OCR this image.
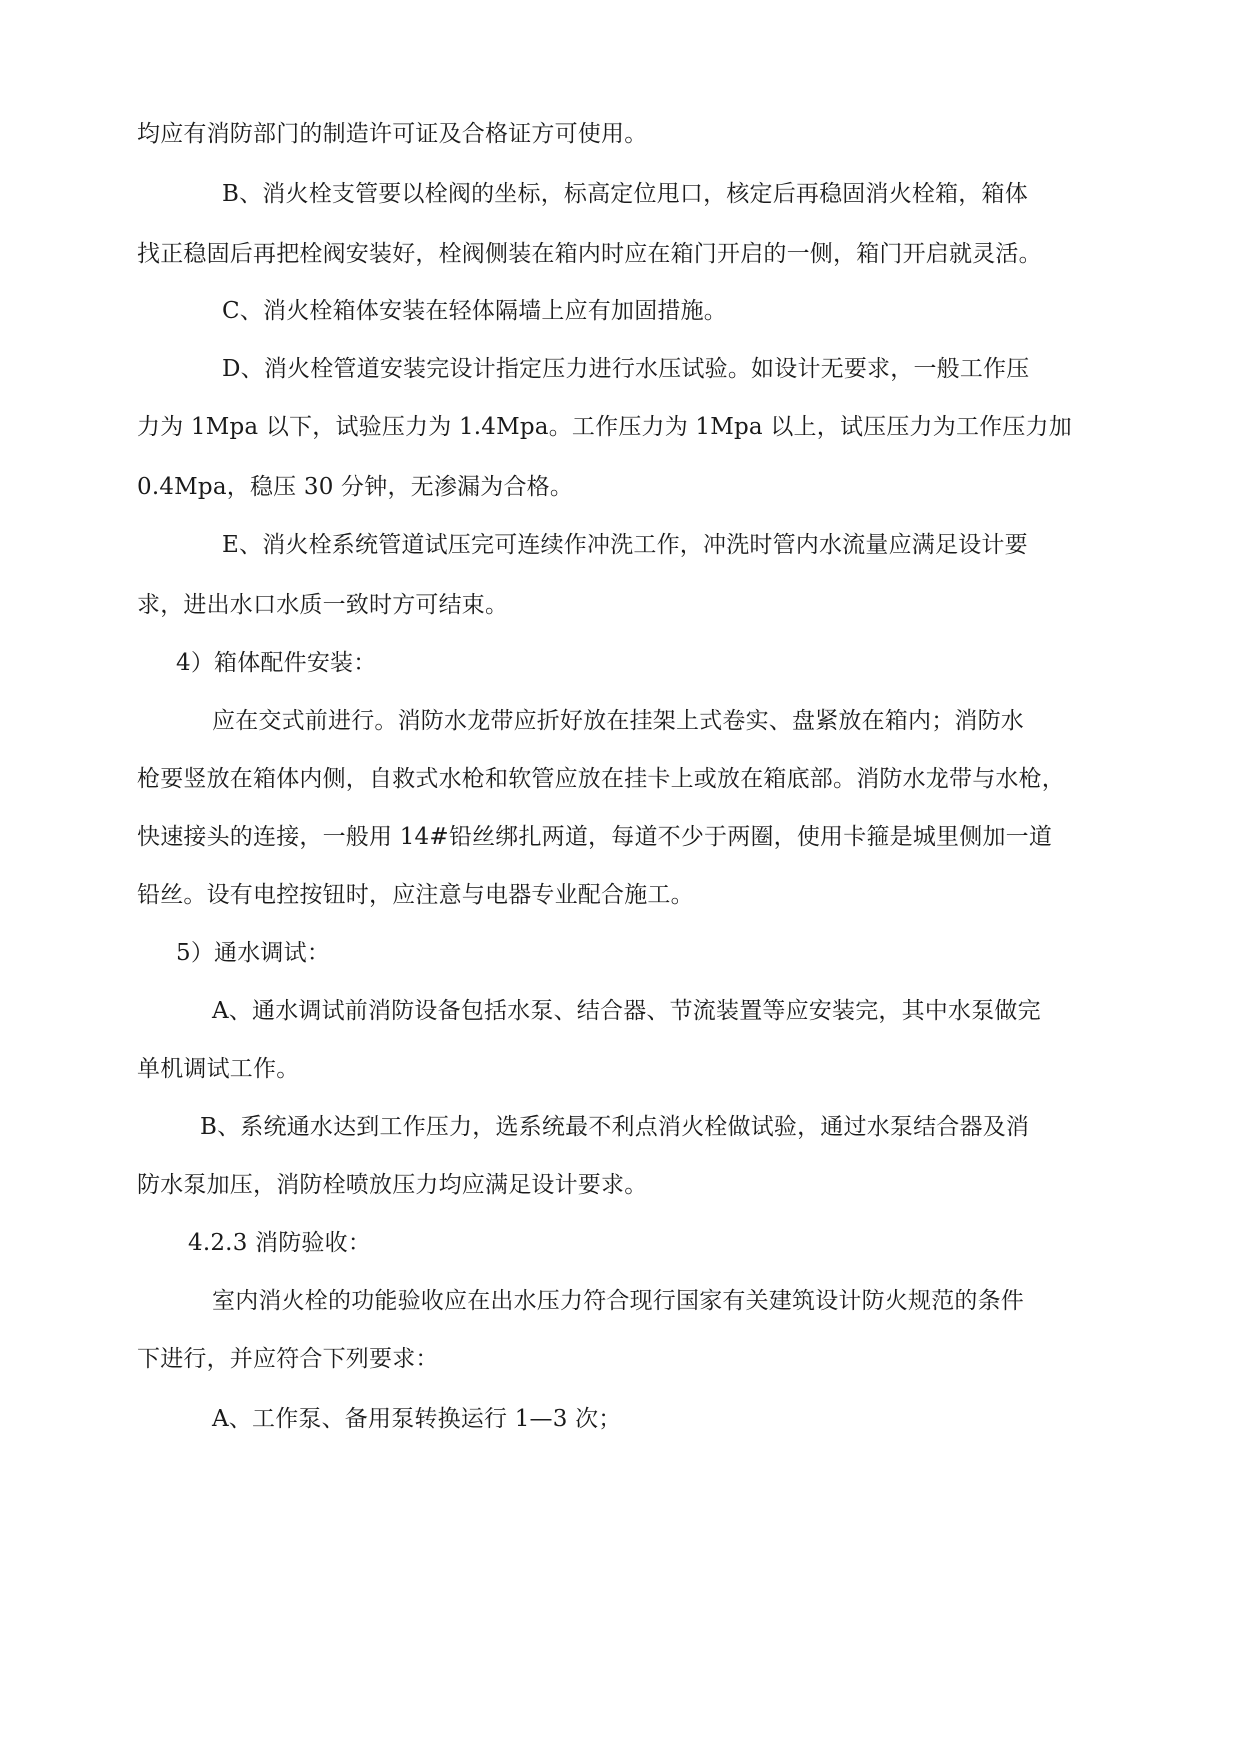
均应有消防部门的制造许可证及合格证方可使用。
B、消火栓支管要以栓阀的坐标，标高定位甩口，核定后再稳固消火栓箱，箱体
找正稳固后再把栓阀安装好，栓阀侧装在箱内时应在箱门开启的一侧，箱门开启就灵活。
C、消火栓箱体安装在轻体隔墙上应有加固措施。
D、消火栓管道安装完设计指定压力进行水压试验。如设计无要求，一般工作压
力为 1Mpa 以下，试验压力为 1.4Mpa。工作压力为 1Mpa 以上，试压压力为工作压力加
0.4Mpa，稳压 30 分钟，无渗漏为合格。
E、消火栓系统管道试压完可连续作冲洗工作，冲洗时管内水流量应满足设计要
求，进出水口水质一致时方可结束。
4）箱体配件安装：
应在交式前进行。消防水龙带应折好放在挂架上式卷实、盘紧放在箱内；消防水
枪要竖放在箱体内侧，自救式水枪和软管应放在挂卡上或放在箱底部。消防水龙带与水枪，
快速接头的连接，一般用 14#铅丝绑扎两道，每道不少于两圈，使用卡箍是城里侧加一道
铅丝。设有电控按钮时，应注意与电器专业配合施工。
5）通水调试：
A、通水调试前消防设备包括水泵、结合器、节流装置等应安装完，其中水泵做完
单机调试工作。
B、系统通水达到工作压力，选系统最不利点消火栓做试验，通过水泵结合器及消
防水泵加压，消防栓喷放压力均应满足设计要求。
4.2.3 消防验收：
室内消火栓的功能验收应在出水压力符合现行国家有关建筑设计防火规范的条件
下进行，并应符合下列要求：
A、工作泵、备用泵转换运行 1—3 次；
